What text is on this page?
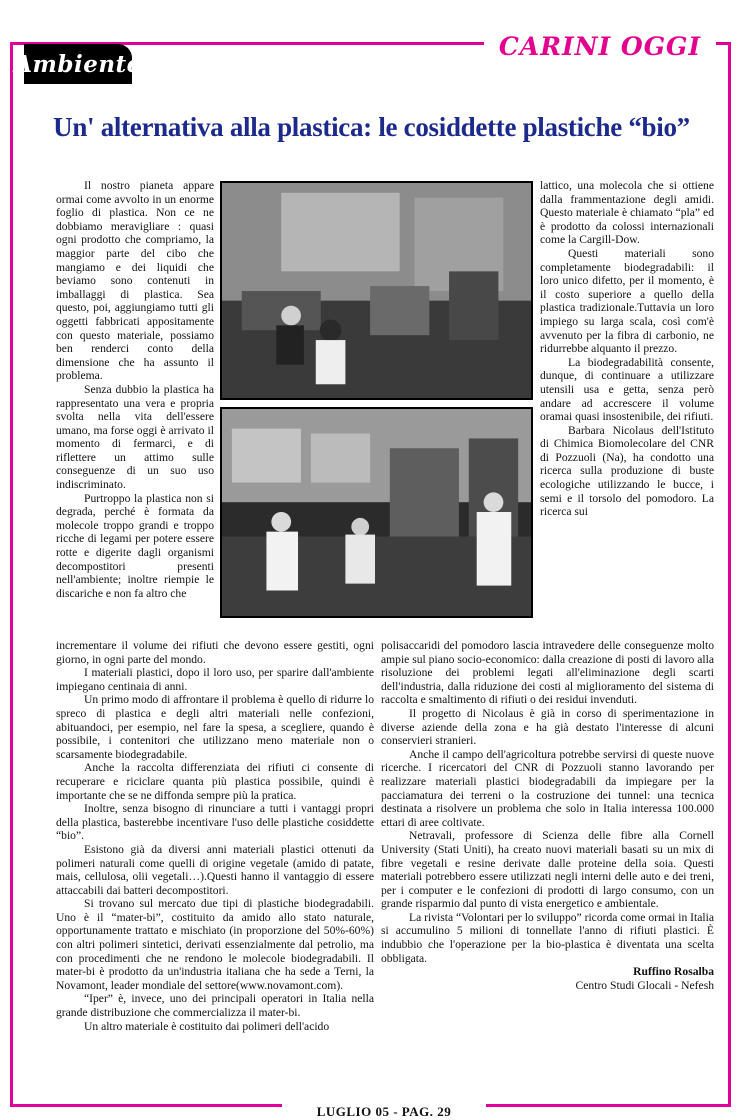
Ambiente
CARINI OGGI
Un' alternativa alla plastica: le cosiddette plastiche “bio”

Il nostro pianeta appare ormai come avvolto in un enorme foglio di plastica. Non ce ne dobbiamo meravigliare : quasi ogni prodotto che compriamo, la maggior parte del cibo che mangiamo e dei liquidi che beviamo sono contenuti in imballaggi di plastica. Sea questo, poi, aggiungiamo tutti gli oggetti fabbricati appositamente con questo materiale, possiamo ben renderci conto della dimensione che ha assunto il problema.

Senza dubbio la plastica ha rappresentato una vera e propria svolta nella vita dell'essere umano, ma forse oggi è arrivato il momento di fermarci, e di riflettere un attimo sulle conseguenze di un suo uso indiscriminato.

Purtroppo la plastica non si degrada, perché è formata da molecole troppo grandi e troppo ricche di legami per potere essere rotte e digerite dagli organismi decompostitori presenti nell'ambiente; inoltre riempie le discariche e non fa altro che

lattico, una molecola che si ottiene dalla frammentazione degli amidi. Questo materiale è chiamato “pla” ed è prodotto da colossi internazionali come la Cargill-Dow.

Questi materiali sono completamente biodegradabili: il loro unico difetto, per il momento, è il costo superiore a quello della plastica tradizionale.Tuttavia un loro impiego su larga scala, così com'è avvenuto per la fibra di carbonio, ne ridurrebbe alquanto il prezzo.

La biodegradabilità consente, dunque, di continuare a utilizzare utensili usa e getta, senza però andare ad accrescere il volume oramai quasi insostenibile, dei rifiuti.

Barbara Nicolaus dell'Istituto di Chimica Biomolecolare del CNR di Pozzuoli (Na), ha condotto una ricerca sulla produzione di buste ecologiche utilizzando le bucce, i semi e il torsolo del pomodoro. La ricerca sui

incrementare il volume dei rifiuti che devono essere gestiti, ogni giorno, in ogni parte del mondo.

I materiali plastici, dopo il loro uso, per sparire dall'ambiente impiegano centinaia di anni.

Un primo modo di affrontare il problema è quello di ridurre lo spreco di plastica e degli altri materiali nelle confezioni, abituandoci, per esempio, nel fare la spesa, a scegliere, quando è possibile, i contenitori che utilizzano meno materiale non o scarsamente biodegradabile.

Anche la raccolta differenziata dei rifiuti ci consente di recuperare e riciclare quanta più plastica possibile, quindi è importante che se ne diffonda sempre più la pratica.

Inoltre, senza bisogno di rinunciare a tutti i vantaggi propri della plastica, basterebbe incentivare l'uso delle plastiche cosiddette “bio”.

Esistono già da diversi anni materiali plastici ottenuti da polimeri naturali come quelli di origine vegetale (amido di patate, mais, cellulosa, olii vegetali…).Questi hanno il vantaggio di essere attaccabili dai batteri decompostitori.

Si trovano sul mercato due tipi di plastiche biodegradabili. Uno è il “mater-bi”, costituito da amido allo stato naturale, opportunamente trattato e mischiato (in proporzione del 50%-60%) con altri polimeri sintetici, derivati essenzialmente dal petrolio, ma con procedimenti che ne rendono le molecole biodegradabili. Il mater-bi è prodotto da un'industria italiana che ha sede a Terni, la Novamont, leader mondiale del settore(www.novamont.com).

“Iper” è, invece, uno dei principali operatori in Italia nella grande distribuzione che commercializza il mater-bi.

Un altro materiale è costituito dai polimeri dell'acido

polisaccaridi del pomodoro lascia intravedere delle conseguenze molto ampie sul piano socio-economico: dalla creazione di posti di lavoro alla risoluzione dei problemi legati all'eliminazione degli scarti dell'industria, dalla riduzione dei costi al miglioramento del sistema di raccolta e smaltimento di rifiuti o dei residui invenduti.

Il progetto di Nicolaus è già in corso di sperimentazione in diverse aziende della zona e ha già destato l'interesse di alcuni conservieri stranieri.

Anche il campo dell'agricoltura potrebbe servirsi di queste nuove ricerche. I ricercatori del CNR di Pozzuoli stanno lavorando per realizzare materiali plastici biodegradabili da impiegare per la pacciamatura dei terreni o la costruzione dei tunnel: una tecnica destinata a risolvere un problema che solo in Italia interessa 100.000 ettari di aree coltivate.

Netravali, professore di Scienza delle fibre alla Cornell University (Stati Uniti), ha creato nuovi materiali basati su un mix di fibre vegetali e resine derivate dalle proteine della soia. Questi materiali potrebbero essere utilizzati negli interni delle auto e dei treni, per i computer e le confezioni di prodotti di largo consumo, con un grande risparmio dal punto di vista energetico e ambientale.

La rivista “Volontari per lo sviluppo” ricorda come ormai in Italia si accumulino 5 milioni di tonnellate l'anno di rifiuti plastici. È indubbio che l'operazione per la bio-plastica è diventata una scelta obbligata.

Ruffino Rosalba

Centro Studi Glocali - Nefesh

LUGLIO 05 - PAG. 29
